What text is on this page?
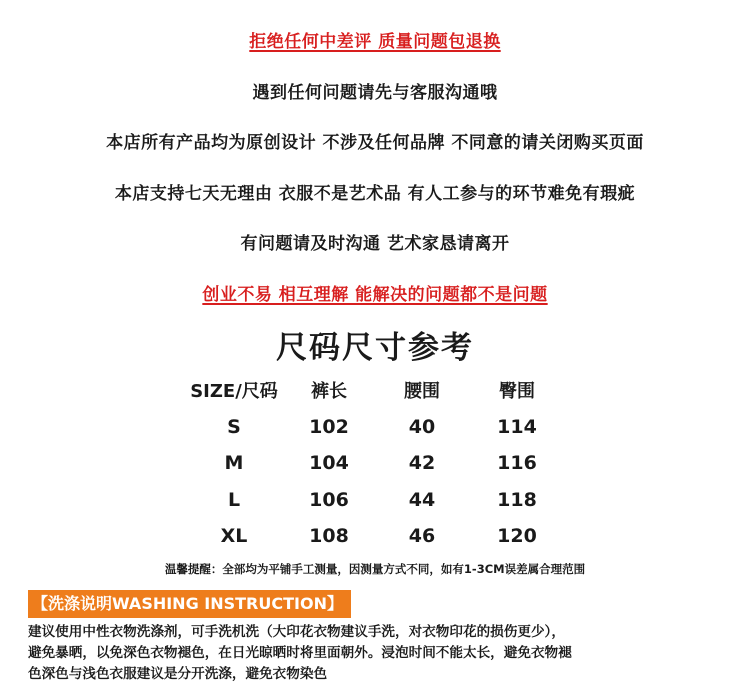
拒绝任何中差评 质量问题包退换
遇到任何问题请先与客服沟通哦
本店所有产品均为原创设计 不涉及任何品牌 不同意的请关闭购买页面
本店支持七天无理由 衣服不是艺术品 有人工参与的环节难免有瑕疵
有问题请及时沟通 艺术家恳请离开
创业不易 相互理解 能解决的问题都不是问题
尺码尺寸参考
SIZE/尺码	裤长	腰围	臀围
S	102	40	114
M	104	42	116
L	106	44	118
XL	108	46	120
温馨提醒：全部均为平铺手工测量，因测量方式不同，如有1-3CM误差属合理范围
【洗涤说明WASHING INSTRUCTION】
建议使用中性衣物洗涤剂，可手洗机洗（大印花衣物建议手洗，对衣物印花的损伤更少），
避免暴晒，以免深色衣物褪色，在日光晾晒时将里面朝外。浸泡时间不能太长，避免衣物褪
色深色与浅色衣服建议是分开洗涤，避免衣物染色
